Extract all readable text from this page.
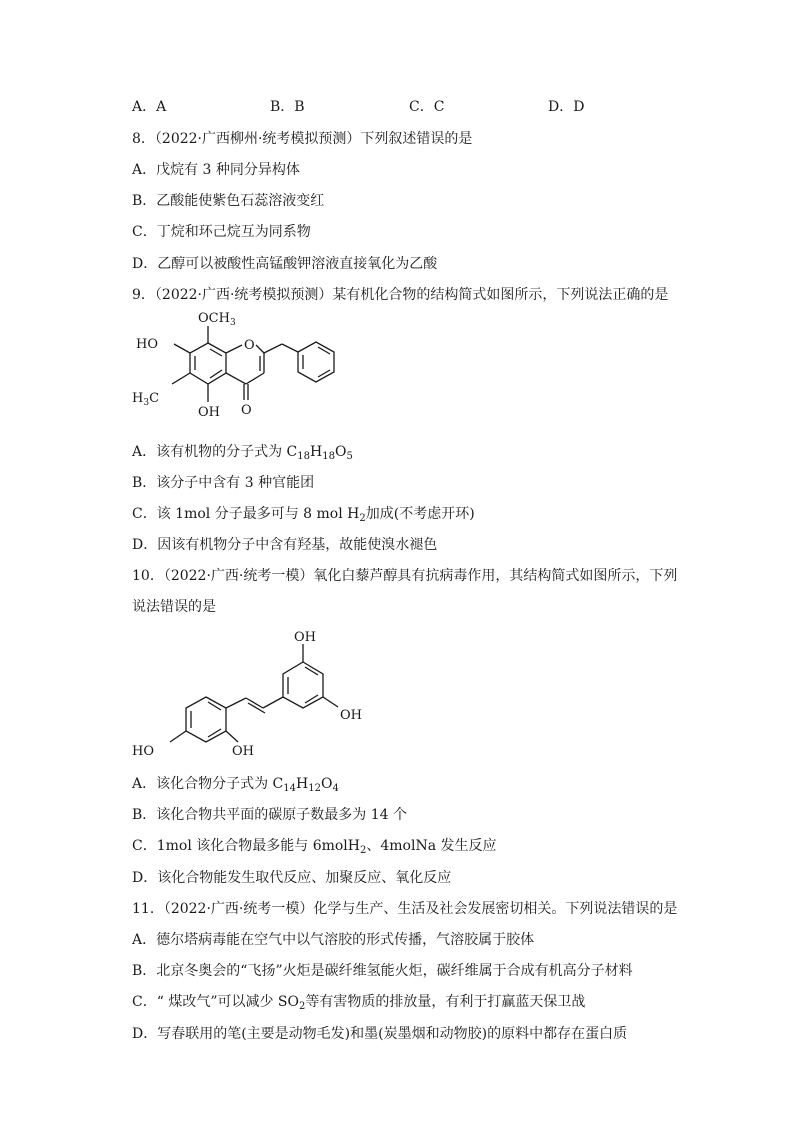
A．A	B．B	C．C	D．D
8．（2022·广西柳州·统考模拟预测）下列叙述错误的是
A．戊烷有 3 种同分异构体
B．乙酸能使紫色石蕊溶液变红
C．丁烷和环己烷互为同系物
D．乙醇可以被酸性高锰酸钾溶液直接氧化为乙酸
9．（2022·广西·统考模拟预测）某有机化合物的结构简式如图所示，下列说法正确的是
$OCH_3$
HO	O
$H_3C$
OH O
A．该有机物的分子式为 $C_{18}H_{18}O_5$
B．该分子中含有 3 种官能团
C．该 1mol 分子最多可与 8 mol $H_2$加成(不考虑开环)
D．因该有机物分子中含有羟基，故能使溴水褪色
10．（2022·广西·统考一模）氧化白藜芦醇具有抗病毒作用，其结构简式如图所示，下列
说法错误的是
OH
OH
HO	OH
A．该化合物分子式为 $C_{14}H_{12}O_4$
B．该化合物共平面的碳原子数最多为 14 个
C．1mol 该化合物最多能与 6molH$_2$、4molNa 发生反应
D．该化合物能发生取代反应、加聚反应、氧化反应
11．（2022·广西·统考一模）化学与生产、生活及社会发展密切相关。下列说法错误的是
A．德尔塔病毒能在空气中以气溶胶的形式传播，气溶胶属于胶体
B．北京冬奥会的“飞扬”火炬是碳纤维氢能火炬，碳纤维属于合成有机高分子材料
C．“ 煤改气”可以减少 $SO_2$等有害物质的排放量，有利于打赢蓝天保卫战
D．写春联用的笔(主要是动物毛发)和墨(炭墨烟和动物胶)的原料中都存在蛋白质
